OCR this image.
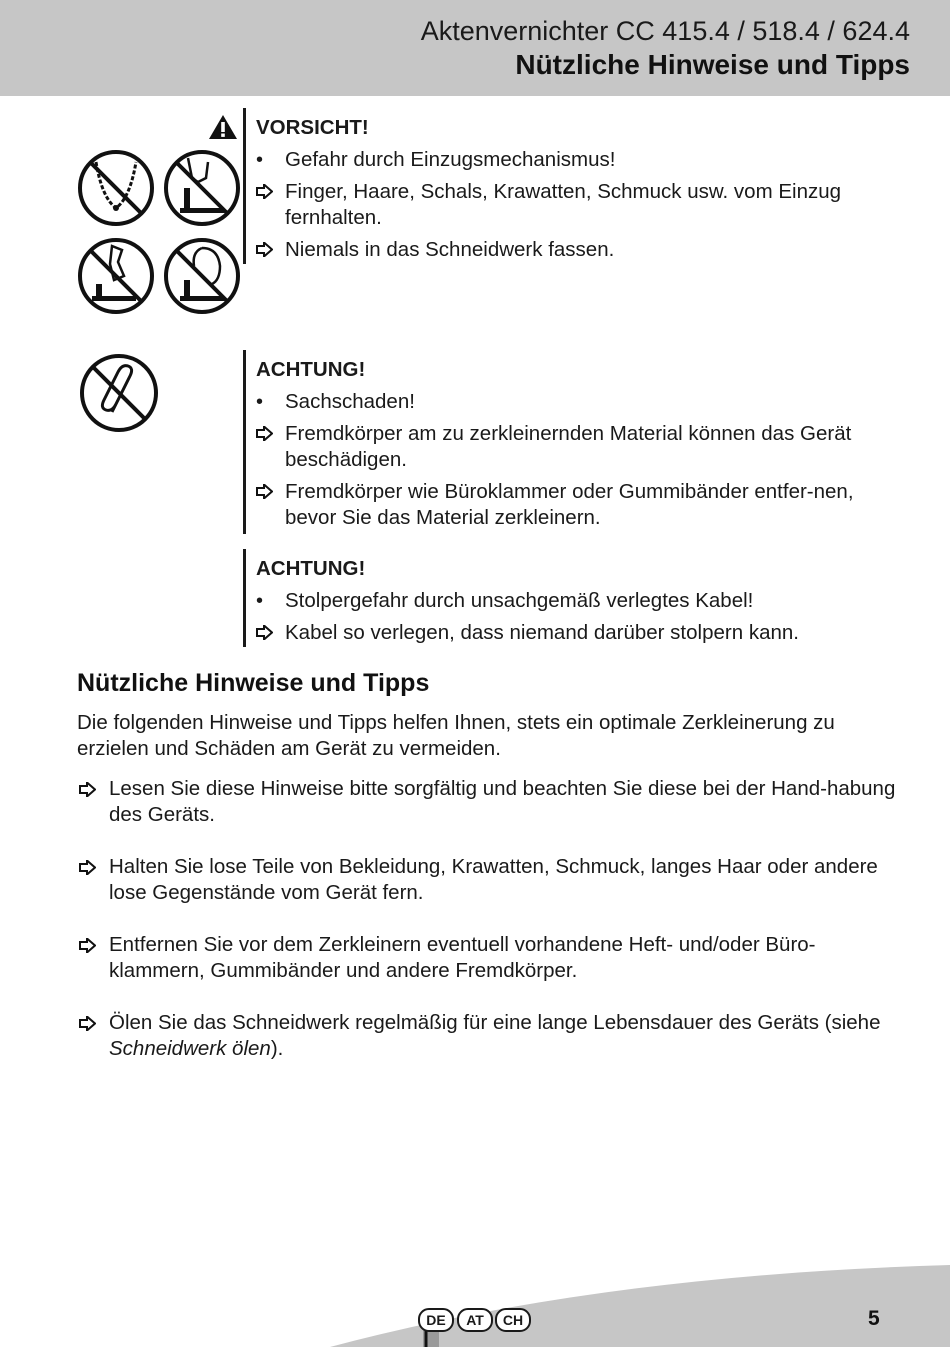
Aktenvernichter CC 415.4 / 518.4 / 624.4
Nützliche Hinweise und Tipps
VORSICHT!
•	Gefahr durch Einzugsmechanismus!
Finger, Haare, Schals, Krawatten, Schmuck usw. vom Einzug fernhalten.
Niemals in das Schneidwerk fassen.
ACHTUNG!
•	Sachschaden!
Fremdkörper am zu zerkleinernden Material können das Gerät beschädigen.
Fremdkörper wie Büroklammer oder Gummibänder entfer-nen, bevor Sie das Material zerkleinern.
ACHTUNG!
•	Stolpergefahr durch unsachgemäß verlegtes Kabel!
Kabel so verlegen, dass niemand darüber stolpern kann.
Nützliche Hinweise und Tipps
Die folgenden Hinweise und Tipps helfen Ihnen, stets ein optimale Zerkleinerung zu erzielen und Schäden am Gerät zu vermeiden.
Lesen Sie diese Hinweise bitte sorgfältig und beachten Sie diese bei der Hand-habung des Geräts.
Halten Sie lose Teile von Bekleidung, Krawatten, Schmuck, langes Haar oder andere lose Gegenstände vom Gerät fern.
Entfernen Sie vor dem Zerkleinern eventuell vorhandene Heft- und/oder Büro-klammern, Gummibänder und andere Fremdkörper.
Ölen Sie das Schneidwerk regelmäßig für eine lange Lebensdauer des Geräts (siehe Schneidwerk ölen).
DE	AT	CH	5
